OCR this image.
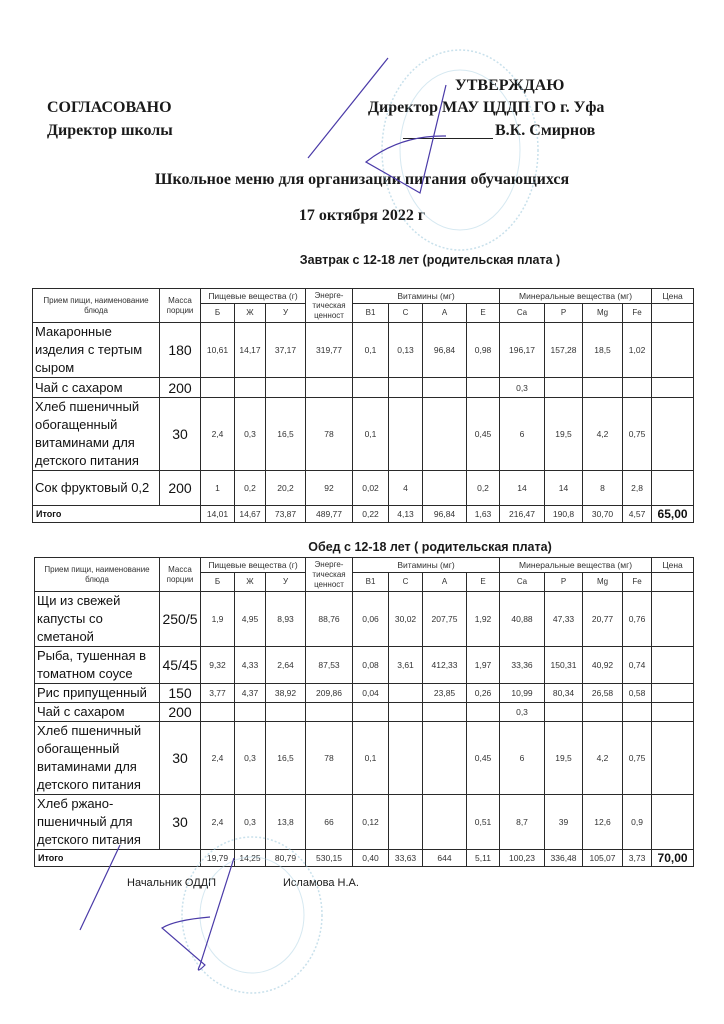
СОГЛАСОВАНО
Директор школы
УТВЕРЖДАЮ
Директор МАУ ЦДДП ГО г. Уфа
В.К. Смирнов
Школьное меню для организации питания обучающихся
17 октября 2022 г
Завтрак с 12-18 лет (родительская плата )
Прием пищи, наименование блюда	Масса порции	Пищевые вещества (г)			Энерге-тическая ценност	Витамины (мг)				Минеральные вещества (мг)				Цена
		Б	Ж	У		B1	C	A	E	Ca	P	Mg	Fe	
Макаронные изделия с тертым сыром	180	10,61	14,17	37,17	319,77	0,1	0,13	96,84	0,98	196,17	157,28	18,5	1,02	
Чай с сахаром	200									0,3				
Хлеб пшеничный обогащенный витаминами для детского питания	30	2,4	0,3	16,5	78	0,1			0,45	6	19,5	4,2	0,75	
Сок фруктовый 0,2	200	1	0,2	20,2	92	0,02	4		0,2	14	14	8	2,8	
Итого		14,01	14,67	73,87	489,77	0,22	4,13	96,84	1,63	216,47	190,8	30,70	4,57	65,00
Обед с 12-18 лет ( родительская плата)
Прием пищи, наименование блюда	Масса порции	Пищевые вещества (г)			Энерге-тическая ценност	Витамины (мг)				Минеральные вещества (мг)				Цена
		Б	Ж	У		B1	C	A	E	Ca	P	Mg	Fe	
Щи из свежей капусты со сметаной	250/5	1,9	4,95	8,93	88,76	0,06	30,02	207,75	1,92	40,88	47,33	20,77	0,76	
Рыба, тушенная в томатном соусе	45/45	9,32	4,33	2,64	87,53	0,08	3,61	412,33	1,97	33,36	150,31	40,92	0,74	
Рис припущенный	150	3,77	4,37	38,92	209,86	0,04		23,85	0,26	10,99	80,34	26,58	0,58	
Чай с сахаром	200									0,3				
Хлеб пшеничный обогащенный витаминами для детского питания	30	2,4	0,3	16,5	78	0,1			0,45	6	19,5	4,2	0,75	
Хлеб ржано-пшеничный для детского питания	30	2,4	0,3	13,8	66	0,12			0,51	8,7	39	12,6	0,9	
Итого		19,79	14,25	80,79	530,15	0,40	33,63	644	5,11	100,23	336,48	105,07	3,73	70,00
Начальник ОДДП	Исламова Н.А.
